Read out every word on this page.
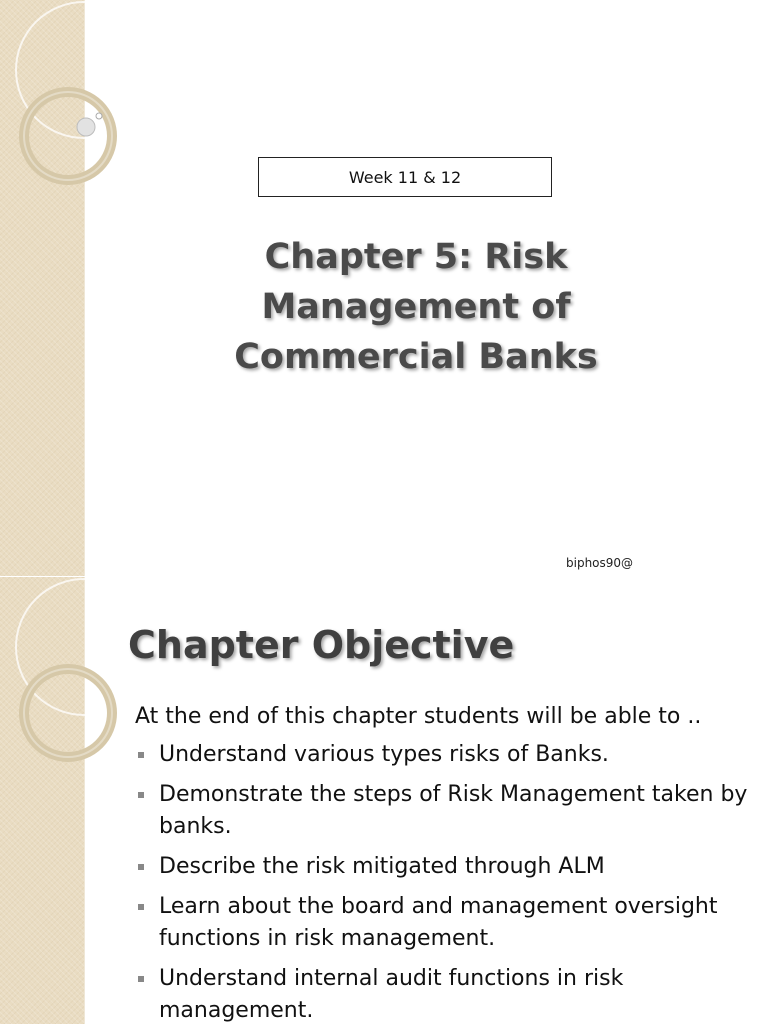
Week 11 & 12
Chapter 5: Risk
Management of
Commercial Banks
biphos90@
Chapter Objective
At the end of this chapter students will be able to ..
Understand various types risks of Banks.
Demonstrate the steps of Risk Management taken by banks.
Describe the risk mitigated through ALM
Learn about the board and management oversight functions in risk management.
Understand internal audit functions in risk management.
